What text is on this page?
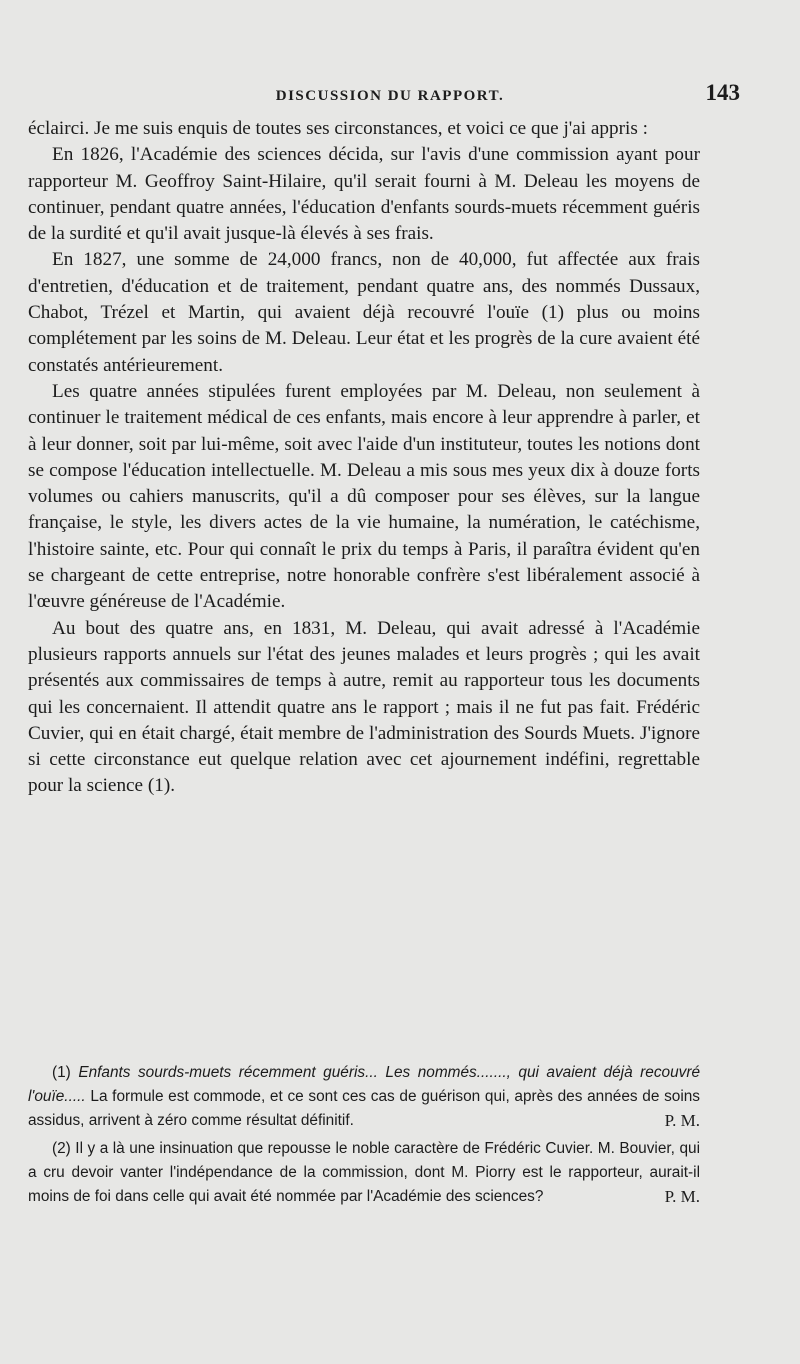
DISCUSSION DU RAPPORT.	143

éclairci. Je me suis enquis de toutes ses circonstances, et voici ce que j'ai appris :

En 1826, l'Académie des sciences décida, sur l'avis d'une commission ayant pour rapporteur M. Geoffroy Saint-Hilaire, qu'il serait fourni à M. Deleau les moyens de continuer, pendant quatre années, l'éducation d'enfants sourds-muets récemment guéris de la surdité et qu'il avait jusque-là élevés à ses frais.

En 1827, une somme de 24,000 francs, non de 40,000, fut affectée aux frais d'entretien, d'éducation et de traitement, pendant quatre ans, des nommés Dussaux, Chabot, Trézel et Martin, qui avaient déjà recouvré l'ouïe (1) plus ou moins complétement par les soins de M. Deleau. Leur état et les progrès de la cure avaient été constatés antérieurement.

Les quatre années stipulées furent employées par M. Deleau, non seulement à continuer le traitement médical de ces enfants, mais encore à leur apprendre à parler, et à leur donner, soit par lui-même, soit avec l'aide d'un instituteur, toutes les notions dont se compose l'éducation intellectuelle. M. Deleau a mis sous mes yeux dix à douze forts volumes ou cahiers manuscrits, qu'il a dû composer pour ses élèves, sur la langue française, le style, les divers actes de la vie humaine, la numération, le catéchisme, l'histoire sainte, etc. Pour qui connaît le prix du temps à Paris, il paraîtra évident qu'en se chargeant de cette entreprise, notre honorable confrère s'est libéralement associé à l'œuvre généreuse de l'Académie.

Au bout des quatre ans, en 1831, M. Deleau, qui avait adressé à l'Académie plusieurs rapports annuels sur l'état des jeunes malades et leurs progrès ; qui les avait présentés aux commissaires de temps à autre, remit au rapporteur tous les documents qui les concernaient. Il attendit quatre ans le rapport ; mais il ne fut pas fait. Frédéric Cuvier, qui en était chargé, était membre de l'administration des Sourds Muets. J'ignore si cette circonstance eut quelque relation avec cet ajournement indéfini, regrettable pour la science (1).

(1) Enfants sourds-muets récemment guéris... Les nommés......., qui avaient déjà recouvré l'ouïe..... La formule est commode, et ce sont ces cas de guérison qui, après des années de soins assidus, arrivent à zéro comme résultat définitif.	P. M.

(2) Il y a là une insinuation que repousse le noble caractère de Frédéric Cuvier. M. Bouvier, qui a cru devoir vanter l'indépendance de la commission, dont M. Piorry est le rapporteur, aurait-il moins de foi dans celle qui avait été nommée par l'Académie des sciences?	P. M.
